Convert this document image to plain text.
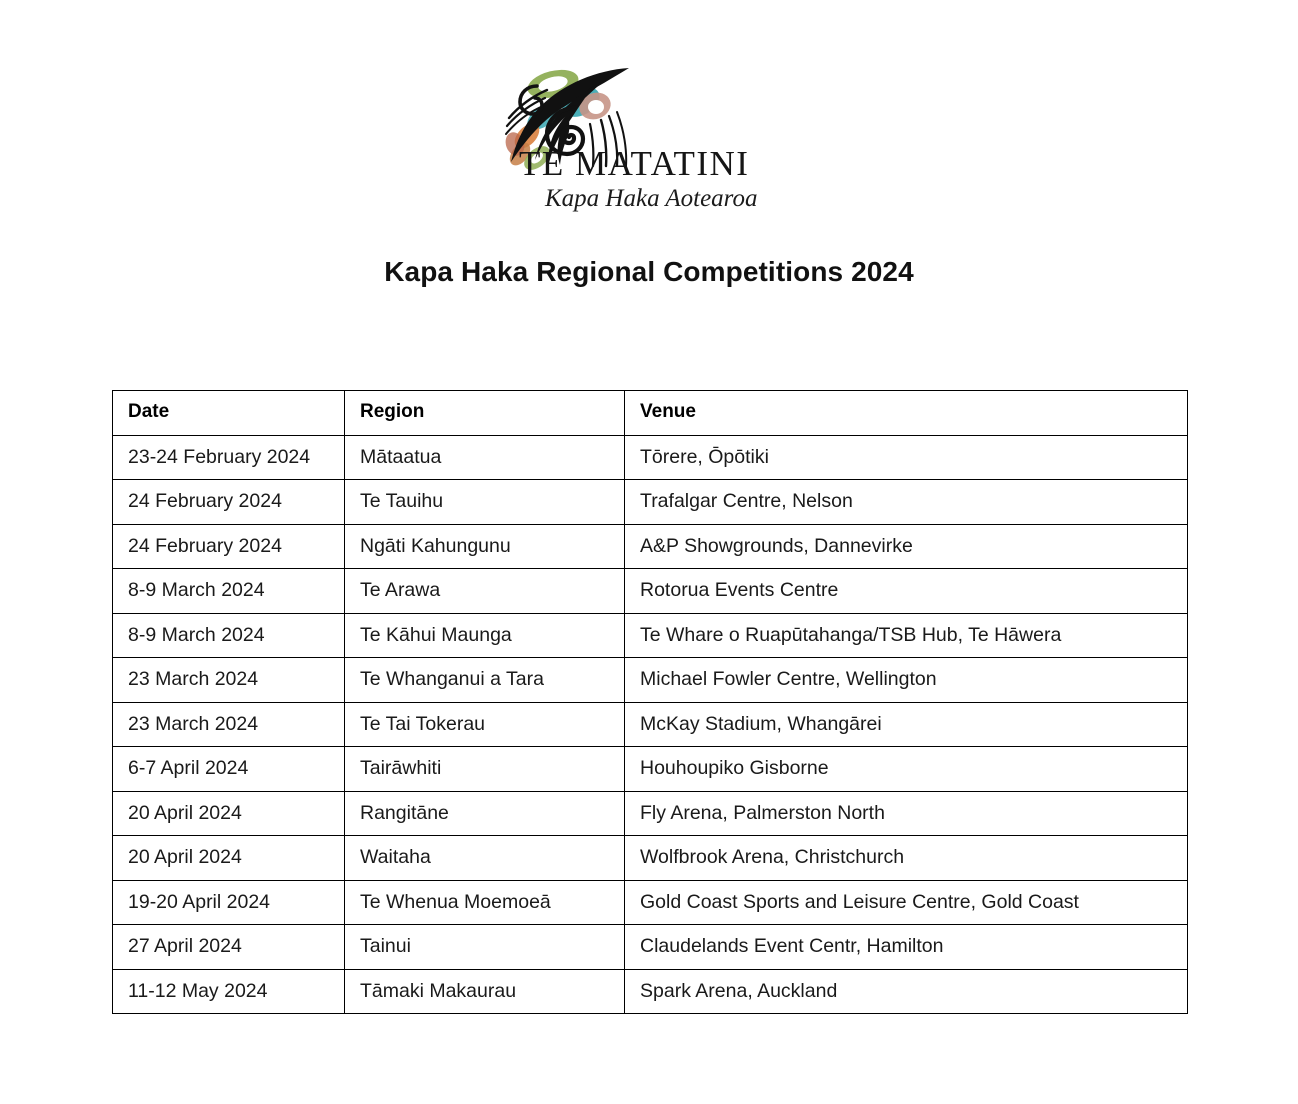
TE MATATINI
Kapa Haka Aotearoa
Kapa Haka Regional Competitions 2024
Date	Region	Venue
23-24 February 2024	Mātaatua	Tōrere, Ōpōtiki
24 February 2024	Te Tauihu	Trafalgar Centre, Nelson
24 February 2024	Ngāti Kahungunu	A&P Showgrounds, Dannevirke
8-9 March 2024	Te Arawa	Rotorua Events Centre
8-9 March 2024	Te Kāhui Maunga	Te Whare o Ruapūtahanga/TSB Hub, Te Hāwera
23 March 2024	Te Whanganui a Tara	Michael Fowler Centre, Wellington
23 March 2024	Te Tai Tokerau	McKay Stadium, Whangārei
6-7 April 2024	Tairāwhiti	Houhoupiko Gisborne
20 April 2024	Rangitāne	Fly Arena, Palmerston North
20 April 2024	Waitaha	Wolfbrook Arena, Christchurch
19-20 April 2024	Te Whenua Moemoeā	Gold Coast Sports and Leisure Centre, Gold Coast
27 April 2024	Tainui	Claudelands Event Centr, Hamilton
11-12 May 2024	Tāmaki Makaurau	Spark Arena, Auckland
